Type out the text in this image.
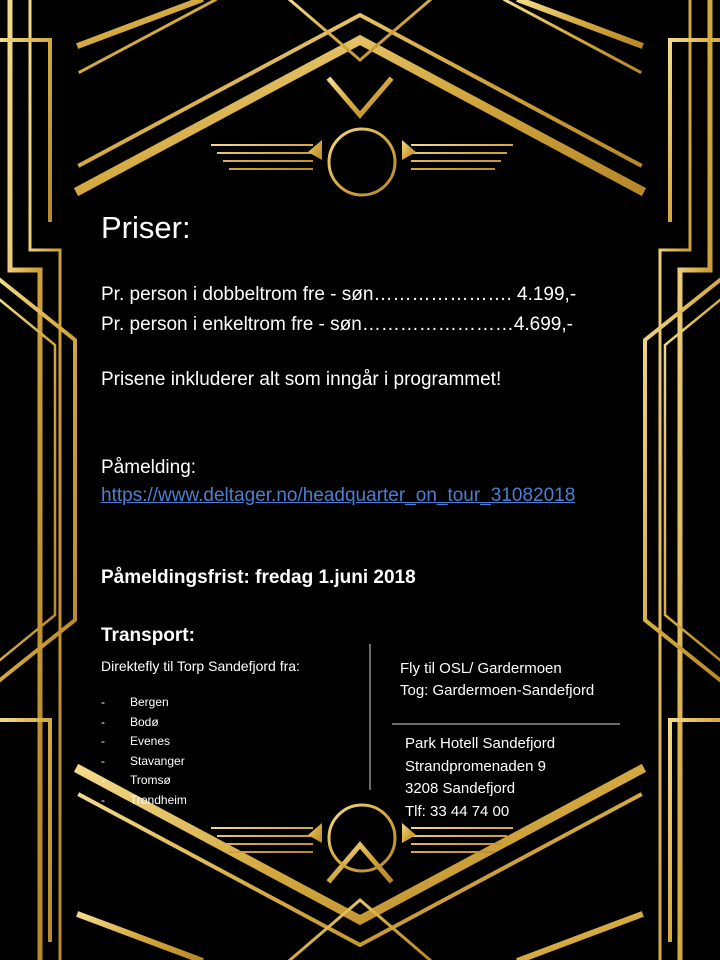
Priser:
Pr. person i dobbeltrom fre - søn…………………. 4.199,-
Pr. person i enkeltrom fre - søn……………………4.699,-
Prisene inkluderer alt som inngår i programmet!
Påmelding:
https://www.deltager.no/headquarter_on_tour_31082018
Påmeldingsfrist: fredag 1.juni 2018
Transport:
Direktefly til Torp Sandefjord fra:
- Bergen
- Bodø
- Evenes
- Stavanger
- Tromsø
- Trondheim
Fly til OSL/ Gardermoen
Tog: Gardermoen-Sandefjord
Park Hotell Sandefjord
Strandpromenaden 9
3208 Sandefjord
Tlf: 33 44 74 00
